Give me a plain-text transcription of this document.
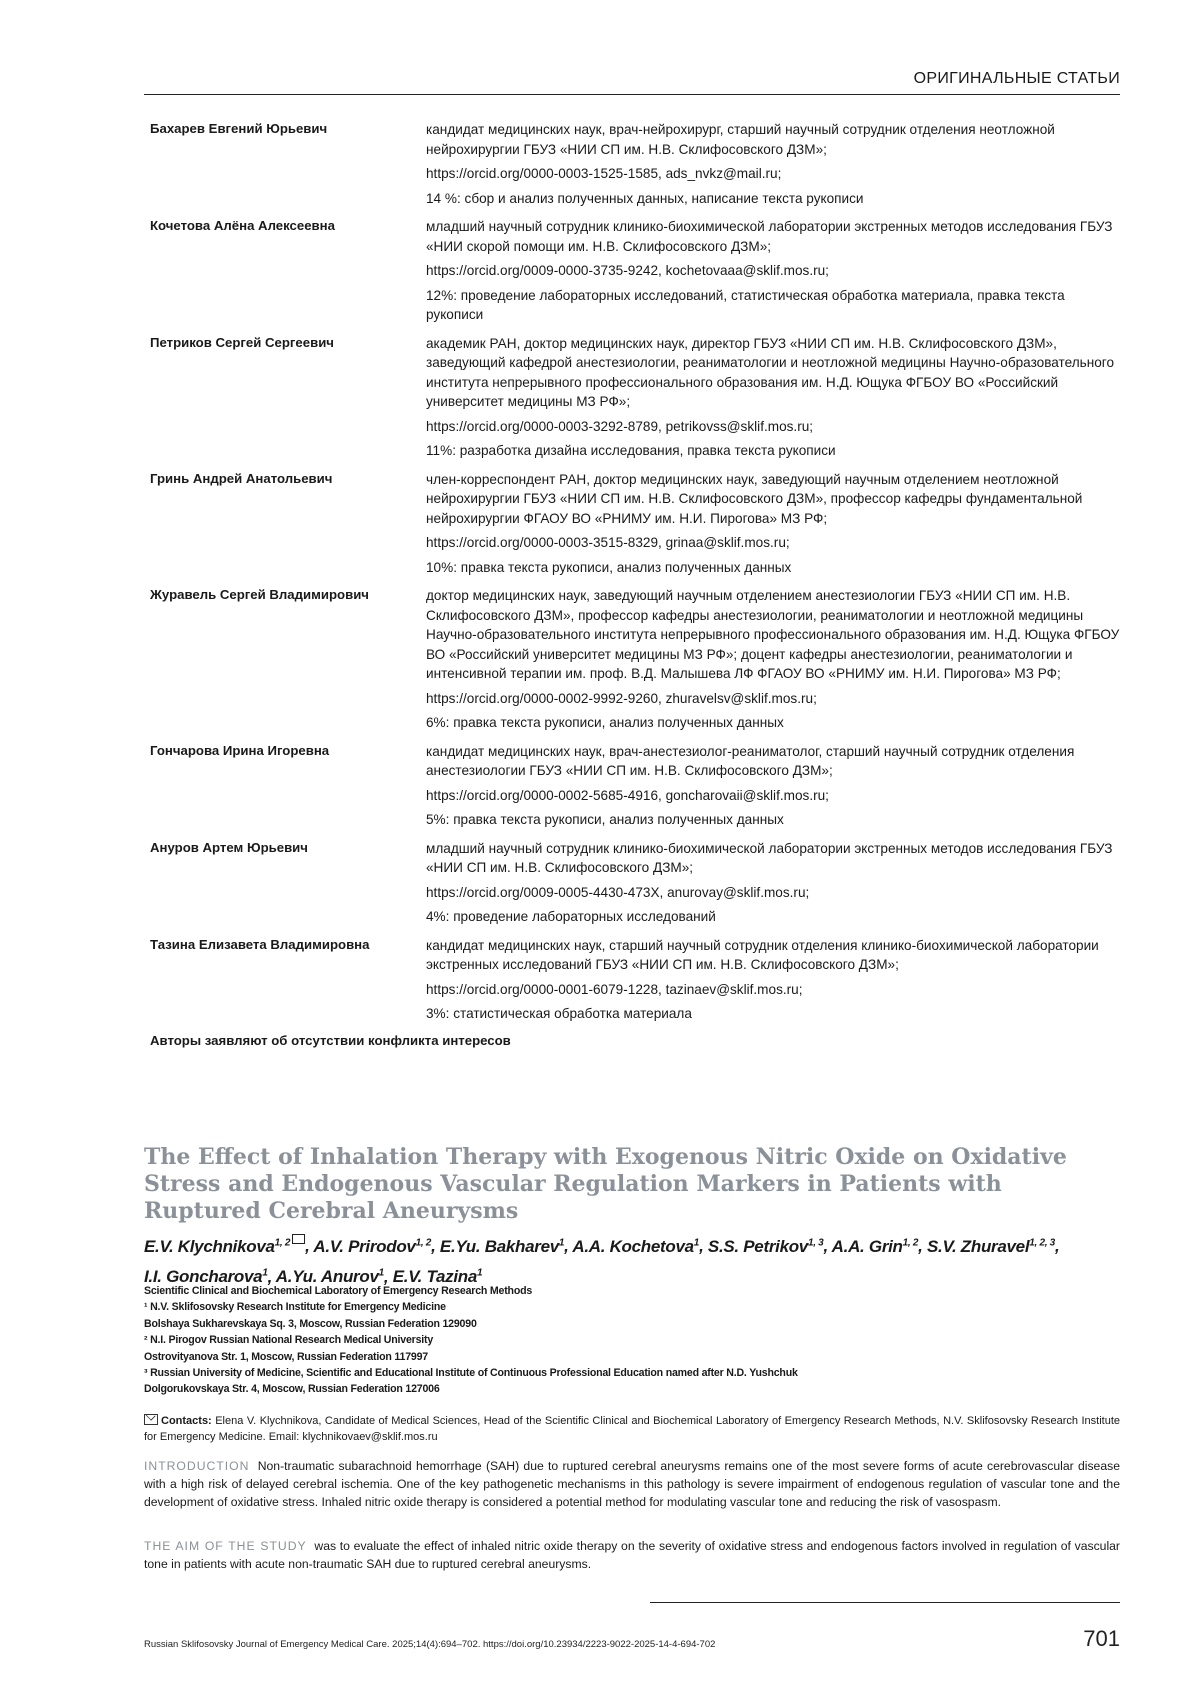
ОРИГИНАЛЬНЫЕ СТАТЬИ
Бахарев Евгений Юрьевич	кандидат медицинских наук, врач-нейрохирург, старший научный сотрудник отделения неотложной нейрохирургии ГБУЗ «НИИ СП им. Н.В. Склифосовского ДЗМ»;
https://orcid.org/0000-0003-1525-1585, ads_nvkz@mail.ru;
14 %: сбор и анализ полученных данных, написание текста рукописи
Кочетова Алёна Алексеевна	младший научный сотрудник клинико-биохимической лаборатории экстренных методов исследования ГБУЗ «НИИ скорой помощи им. Н.В. Склифосовского ДЗМ»;
https://orcid.org/0009-0000-3735-9242, kochetovaaa@sklif.mos.ru;
12%: проведение лабораторных исследований, статистическая обработка материала, правка текста рукописи
Петриков Сергей Сергеевич	академик РАН, доктор медицинских наук, директор ГБУЗ «НИИ СП им. Н.В. Склифосовского ДЗМ», заведующий кафедрой анестезиологии, реаниматологии и неотложной медицины Научно-образовательного института непрерывного профессионального образования им. Н.Д. Ющука ФГБОУ ВО «Российский университет медицины МЗ РФ»;
https://orcid.org/0000-0003-3292-8789, petrikovss@sklif.mos.ru;
11%: разработка дизайна исследования, правка текста рукописи
Гринь Андрей Анатольевич	член-корреспондент РАН, доктор медицинских наук, заведующий научным отделением неотложной нейрохирургии ГБУЗ «НИИ СП им. Н.В. Склифосовского ДЗМ», профессор кафедры фундаментальной нейрохирургии ФГАОУ ВО «РНИМУ им. Н.И. Пирогова» МЗ РФ;
https://orcid.org/0000-0003-3515-8329, grinaa@sklif.mos.ru;
10%: правка текста рукописи, анализ полученных данных
Журавель Сергей Владимирович	доктор медицинских наук, заведующий научным отделением анестезиологии ГБУЗ «НИИ СП им. Н.В. Склифосовского ДЗМ», профессор кафедры анестезиологии, реаниматологии и неотложной медицины Научно-образовательного института непрерывного профессионального образования им. Н.Д. Ющука ФГБОУ ВО «Российский университет медицины МЗ РФ»; доцент кафедры анестезиологии, реаниматологии и интенсивной терапии им. проф. В.Д. Малышева ЛФ ФГАОУ ВО «РНИМУ им. Н.И. Пирогова» МЗ РФ;
https://orcid.org/0000-0002-9992-9260, zhuravelsv@sklif.mos.ru;
6%: правка текста рукописи, анализ полученных данных
Гончарова Ирина Игоревна	кандидат медицинских наук, врач-анестезиолог-реаниматолог, старший научный сотрудник отделения анестезиологии ГБУЗ «НИИ СП им. Н.В. Склифосовского ДЗМ»;
https://orcid.org/0000-0002-5685-4916, goncharovaii@sklif.mos.ru;
5%: правка текста рукописи, анализ полученных данных
Ануров Артем Юрьевич	младший научный сотрудник клинико-биохимической лаборатории экстренных методов исследования ГБУЗ «НИИ СП им. Н.В. Склифосовского ДЗМ»;
https://orcid.org/0009-0005-4430-473X, anurovay@sklif.mos.ru;
4%: проведение лабораторных исследований
Тазина Елизавета Владимировна	кандидат медицинских наук, старший научный сотрудник отделения клинико-биохимической лаборатории экстренных исследований ГБУЗ «НИИ СП им. Н.В. Склифосовского ДЗМ»;
https://orcid.org/0000-0001-6079-1228, tazinaev@sklif.mos.ru;
3%: статистическая обработка материала
Авторы заявляют об отсутствии конфликта интересов
The Effect of Inhalation Therapy with Exogenous Nitric Oxide on Oxidative Stress and Endogenous Vascular Regulation Markers in Patients with Ruptured Cerebral Aneurysms
E.V. Klychnikova$^{1, 2}$ , A.V. Prirodov$^{1, 2}$, E.Yu. Bakharev$^1$, A.A. Kochetova$^1$, S.S. Petrikov$^{1, 3}$, A.A. Grin$^{1, 2}$, S.V. Zhuravel$^{1, 2, 3}$,
I.I. Goncharova$^1$, A.Yu. Anurov$^1$, E.V. Tazina$^1$
Scientific Clinical and Biochemical Laboratory of Emergency Research Methods
¹ N.V. Sklifosovsky Research Institute for Emergency Medicine
Bolshaya Sukharevskaya Sq. 3, Moscow, Russian Federation 129090
² N.I. Pirogov Russian National Research Medical University
Ostrovityanova Str. 1, Moscow, Russian Federation 117997
³ Russian University of Medicine, Scientific and Educational Institute of Continuous Professional Education named after N.D. Yushchuk
Dolgorukovskaya Str. 4, Moscow, Russian Federation 127006
Contacts: Elena V. Klychnikova, Candidate of Medical Sciences, Head of the Scientific Clinical and Biochemical Laboratory of Emergency Research Methods, N.V. Sklifosovsky Research Institute for Emergency Medicine. Email: klychnikovaev@sklif.mos.ru
INTRODUCTION Non-traumatic subarachnoid hemorrhage (SAH) due to ruptured cerebral aneurysms remains one of the most severe forms of acute cerebrovascular disease with a high risk of delayed cerebral ischemia. One of the key pathogenetic mechanisms in this pathology is severe impairment of endogenous regulation of vascular tone and the development of oxidative stress. Inhaled nitric oxide therapy is considered a potential method for modulating vascular tone and reducing the risk of vasospasm.
THE AIM OF THE STUDY was to evaluate the effect of inhaled nitric oxide therapy on the severity of oxidative stress and endogenous factors involved in regulation of vascular tone in patients with acute non-traumatic SAH due to ruptured cerebral aneurysms.
Russian Sklifosovsky Journal of Emergency Medical Care. 2025;14(4):694–702. https://doi.org/10.23934/2223-9022-2025-14-4-694-702	701
